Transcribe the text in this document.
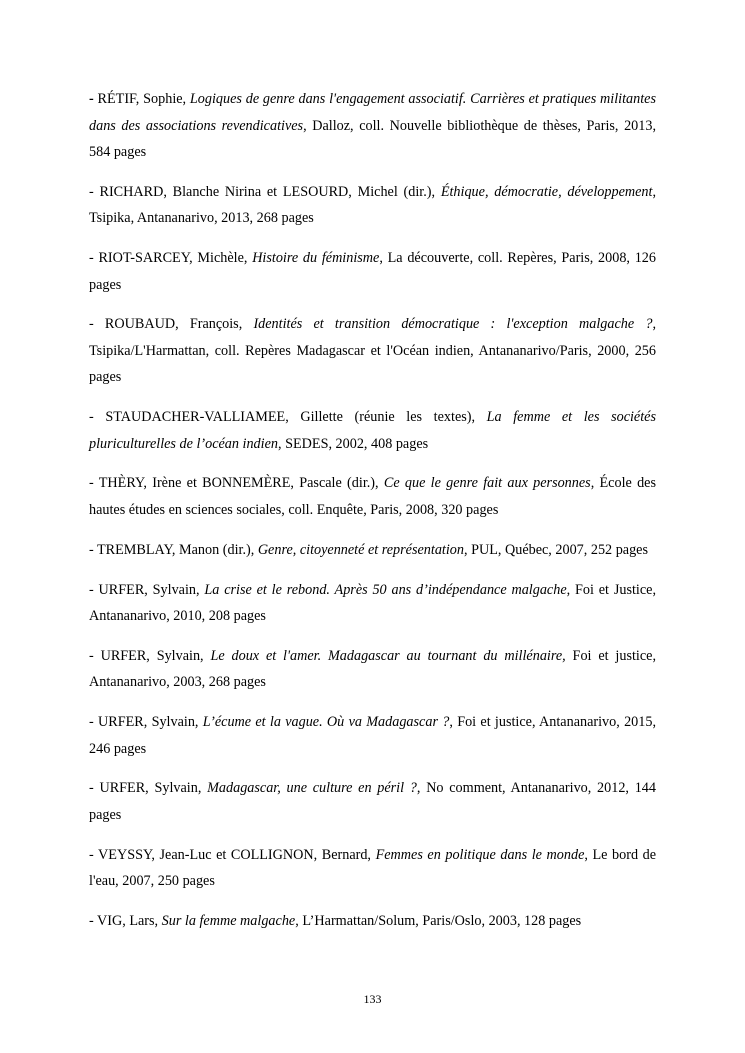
- RÉTIF, Sophie, Logiques de genre dans l'engagement associatif. Carrières et pratiques militantes dans des associations revendicatives, Dalloz, coll. Nouvelle bibliothèque de thèses, Paris, 2013, 584 pages

- RICHARD, Blanche Nirina et LESOURD, Michel (dir.), Éthique, démocratie, développement, Tsipika, Antananarivo, 2013, 268 pages

- RIOT-SARCEY, Michèle, Histoire du féminisme, La découverte, coll. Repères, Paris, 2008, 126 pages

- ROUBAUD, François, Identités et transition démocratique : l'exception malgache ?, Tsipika/L'Harmattan, coll. Repères Madagascar et l'Océan indien, Antananarivo/Paris, 2000, 256 pages

- STAUDACHER-VALLIAMEE, Gillette (réunie les textes), La femme et les sociétés pluriculturelles de l’océan indien, SEDES, 2002, 408 pages

- THÈRY, Irène et BONNEMÈRE, Pascale (dir.), Ce que le genre fait aux personnes, École des hautes études en sciences sociales, coll. Enquête, Paris, 2008, 320 pages

- TREMBLAY, Manon (dir.), Genre, citoyenneté et représentation, PUL, Québec, 2007, 252 pages

- URFER, Sylvain, La crise et le rebond. Après 50 ans d’indépendance malgache, Foi et Justice, Antananarivo, 2010, 208 pages

- URFER, Sylvain, Le doux et l'amer. Madagascar au tournant du millénaire, Foi et justice, Antananarivo, 2003, 268 pages

- URFER, Sylvain, L’écume et la vague. Où va Madagascar ?, Foi et justice, Antananarivo, 2015, 246 pages

- URFER, Sylvain, Madagascar, une culture en péril ?, No comment, Antananarivo, 2012, 144 pages

- VEYSSY, Jean-Luc et COLLIGNON, Bernard, Femmes en politique dans le monde, Le bord de l'eau, 2007, 250 pages

- VIG, Lars, Sur la femme malgache, L’Harmattan/Solum, Paris/Oslo, 2003, 128 pages

133
